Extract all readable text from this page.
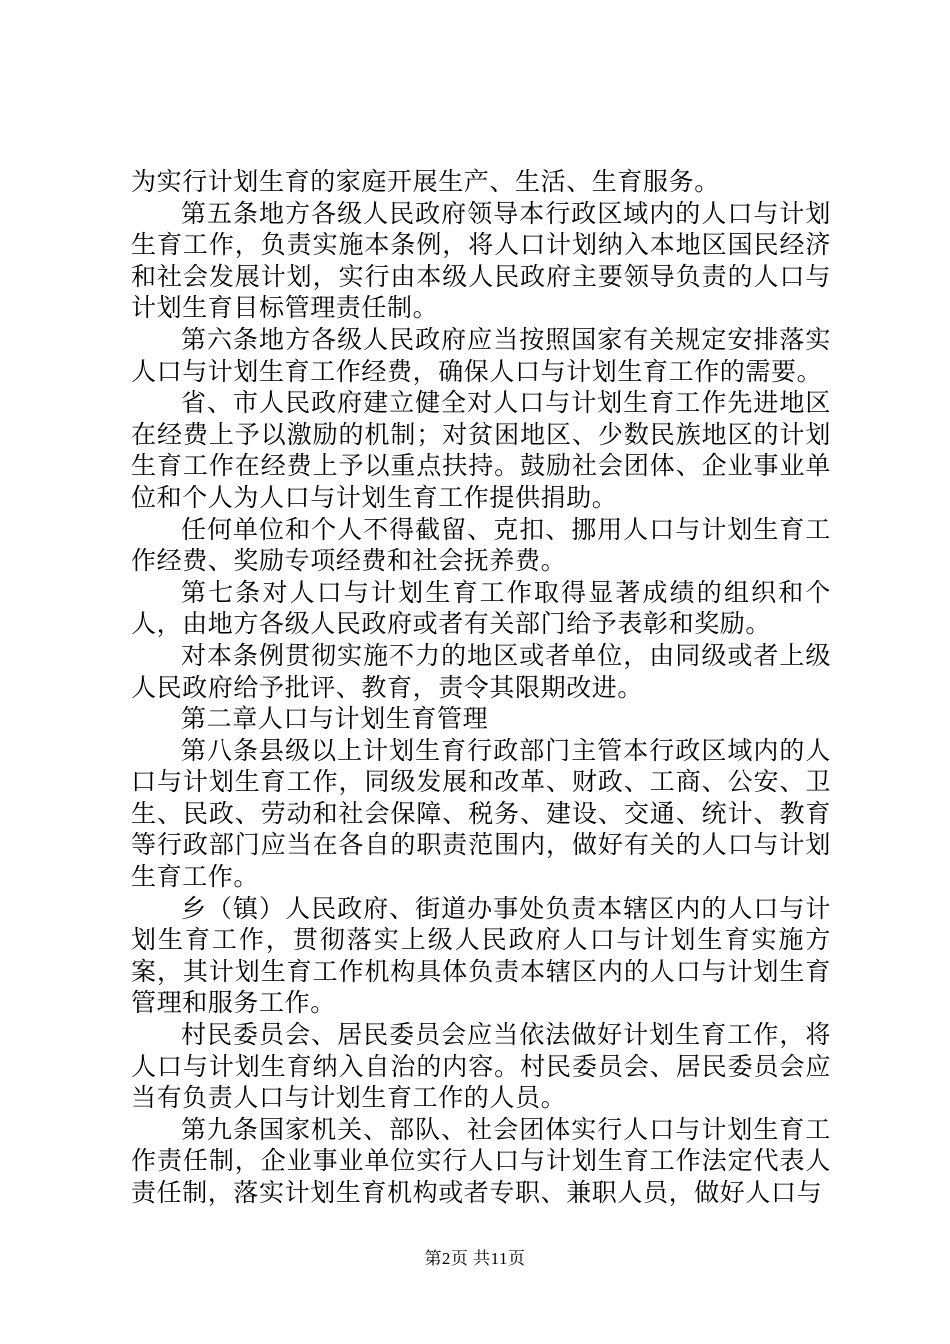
为实行计划生育的家庭开展生产、生活、生育服务。

第五条地方各级人民政府领导本行政区域内的人口与计划生育工作，负责实施本条例，将人口计划纳入本地区国民经济和社会发展计划，实行由本级人民政府主要领导负责的人口与计划生育目标管理责任制。

第六条地方各级人民政府应当按照国家有关规定安排落实人口与计划生育工作经费，确保人口与计划生育工作的需要。

省、市人民政府建立健全对人口与计划生育工作先进地区在经费上予以激励的机制；对贫困地区、少数民族地区的计划生育工作在经费上予以重点扶持。鼓励社会团体、企业事业单位和个人为人口与计划生育工作提供捐助。

任何单位和个人不得截留、克扣、挪用人口与计划生育工作经费、奖励专项经费和社会抚养费。

第七条对人口与计划生育工作取得显著成绩的组织和个人，由地方各级人民政府或者有关部门给予表彰和奖励。

对本条例贯彻实施不力的地区或者单位，由同级或者上级人民政府给予批评、教育，责令其限期改进。

第二章人口与计划生育管理

第八条县级以上计划生育行政部门主管本行政区域内的人口与计划生育工作，同级发展和改革、财政、工商、公安、卫生、民政、劳动和社会保障、税务、建设、交通、统计、教育等行政部门应当在各自的职责范围内，做好有关的人口与计划生育工作。

乡（镇）人民政府、街道办事处负责本辖区内的人口与计划生育工作，贯彻落实上级人民政府人口与计划生育实施方案，其计划生育工作机构具体负责本辖区内的人口与计划生育管理和服务工作。

村民委员会、居民委员会应当依法做好计划生育工作，将人口与计划生育纳入自治的内容。村民委员会、居民委员会应当有负责人口与计划生育工作的人员。

第九条国家机关、部队、社会团体实行人口与计划生育工作责任制，企业事业单位实行人口与计划生育工作法定代表人责任制，落实计划生育机构或者专职、兼职人员，做好人口与

第2页 共11页
